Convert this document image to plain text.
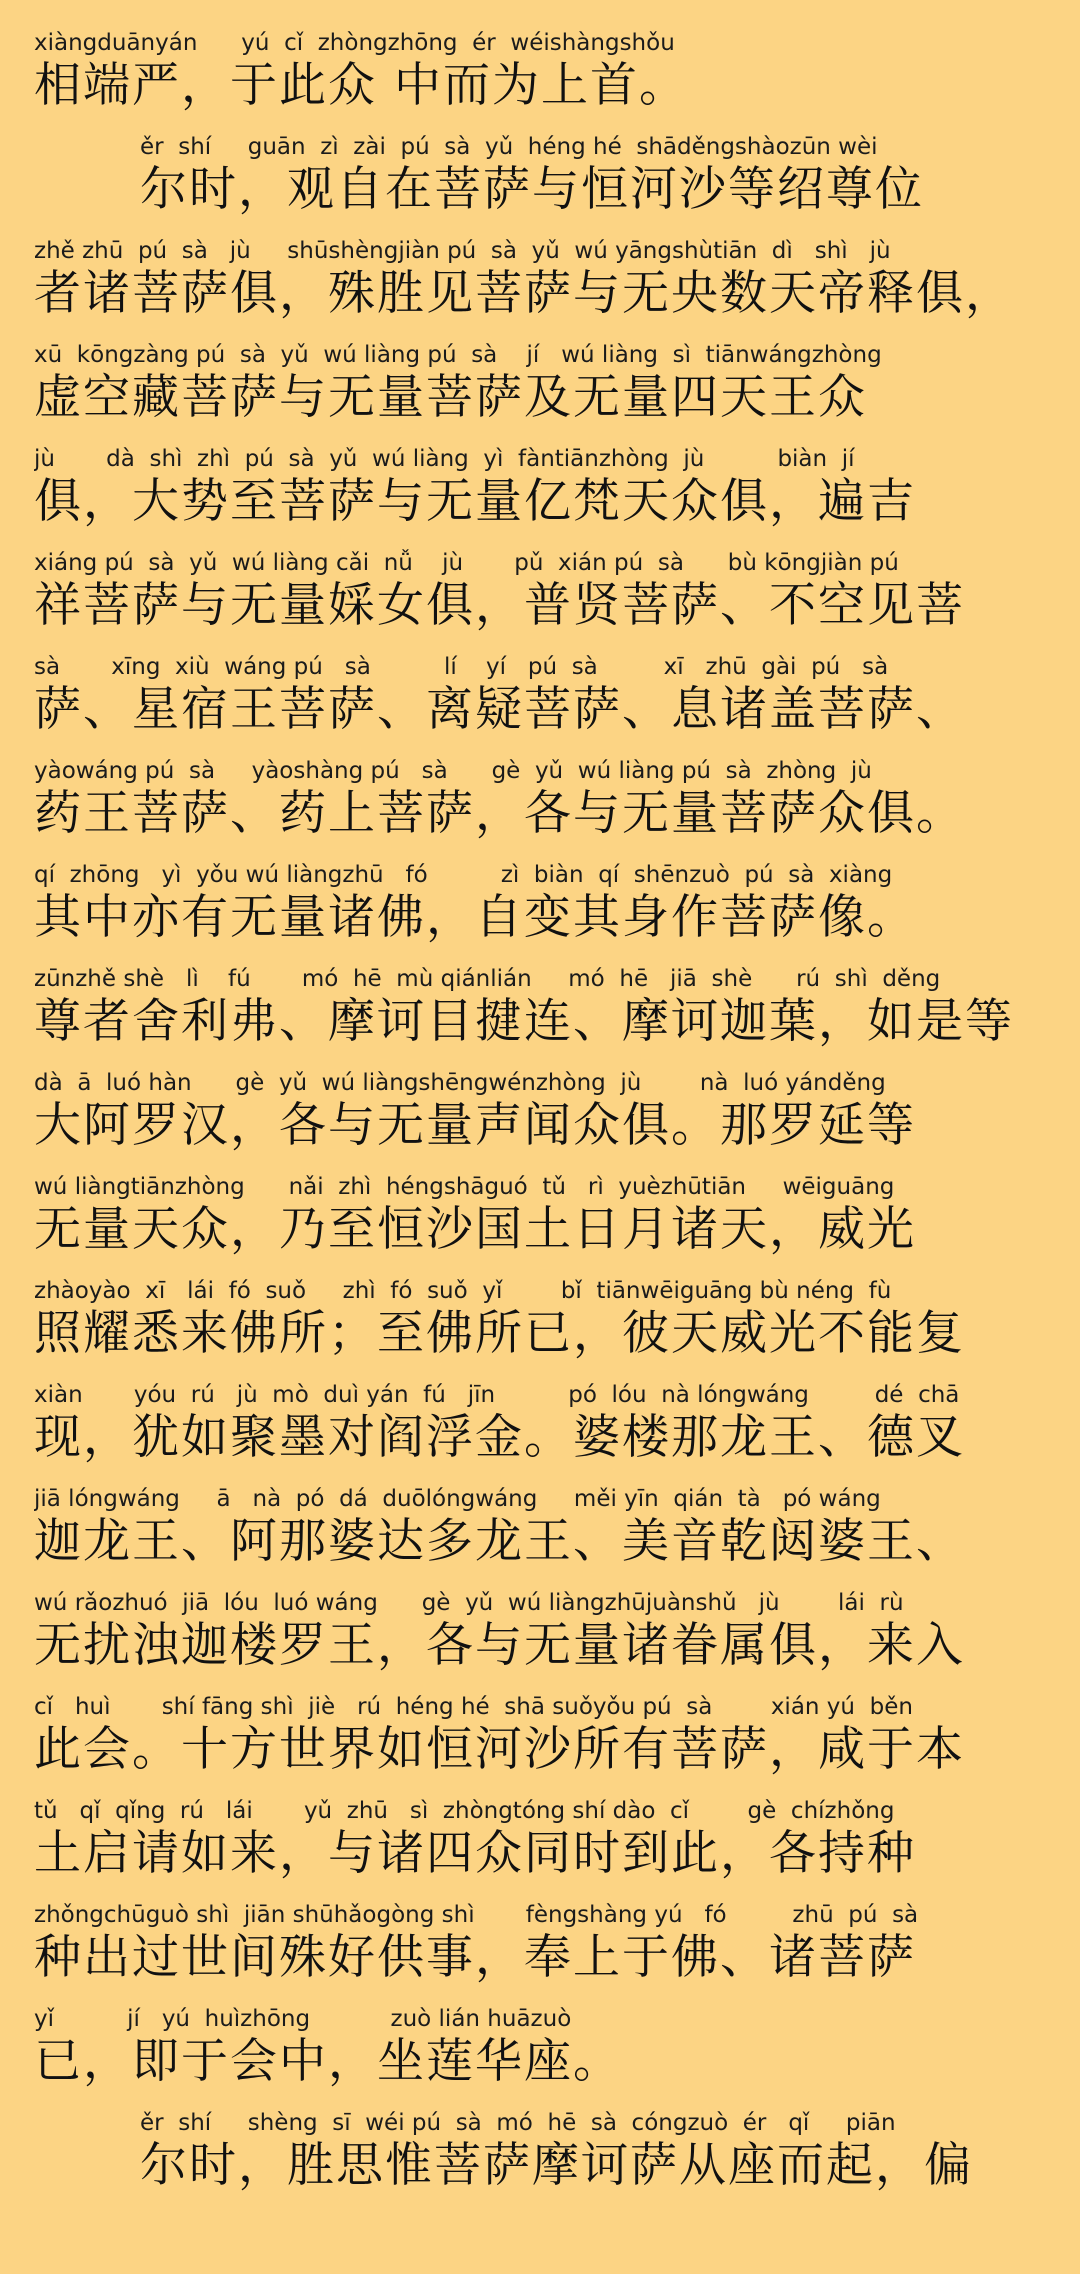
xiàngduānyán      yú  cǐ  zhòngzhōng  ér  wéishàngshǒu

相端严，于此众 中而为上首。

ěr  shí     guān  zì  zài  pú  sà  yǔ  héng hé  shāděngshàozūn wèi

尔时，观自在菩萨与恒河沙等绍尊位

zhě zhū  pú  sà   jù     shūshèngjiàn pú  sà  yǔ  wú yāngshùtiān  dì   shì   jù

者诸菩萨俱，殊胜见菩萨与无央数天帝释俱，

xū  kōngzàng pú  sà  yǔ  wú liàng pú  sà    jí   wú liàng  sì  tiānwángzhòng

虚空藏菩萨与无量菩萨及无量四天王众

jù       dà  shì  zhì  pú  sà  yǔ  wú liàng  yì  fàntiānzhòng  jù          biàn  jí

俱，大势至菩萨与无量亿梵天众俱，遍吉

xiáng pú  sà  yǔ  wú liàng cǎi  nǚ    jù       pǔ  xián pú  sà      bù kōngjiàn pú

祥菩萨与无量婇女俱，普贤菩萨、不空见菩

sà       xīng  xiù  wáng pú   sà          lí    yí   pú  sà         xī   zhū  gài  pú   sà

萨、星宿王菩萨、离疑菩萨、息诸盖菩萨、

yàowáng pú  sà     yàoshàng pú   sà      gè  yǔ  wú liàng pú  sà  zhòng  jù

药王菩萨、药上菩萨，各与无量菩萨众俱。

qí  zhōng   yì  yǒu wú liàngzhū   fó          zì  biàn  qí  shēnzuò  pú  sà  xiàng

其中亦有无量诸佛，自变其身作菩萨像。

zūnzhě shè   lì    fú       mó  hē  mù qiánlián     mó  hē   jiā  shè      rú  shì  děng

尊者舍利弗、摩诃目揵连、摩诃迦葉，如是等

dà  ā  luó hàn      gè  yǔ  wú liàngshēngwénzhòng  jù        nà  luó yánděng

大阿罗汉，各与无量声闻众俱。那罗延等

wú liàngtiānzhòng      nǎi  zhì  héngshāguó  tǔ   rì  yuèzhūtiān     wēiguāng

无量天众，乃至恒沙国土日月诸天，威光

zhàoyào  xī   lái  fó  suǒ     zhì  fó  suǒ  yǐ        bǐ  tiānwēiguāng bù néng  fù

照耀悉来佛所；至佛所已，彼天威光不能复

xiàn       yóu  rú   jù  mò  duì yán  fú   jīn          pó  lóu  nà lóngwáng         dé  chā

现，犹如聚墨对阎浮金。婆楼那龙王、德叉

jiā lóngwáng     ā   nà  pó  dá  duōlóngwáng     měi yīn  qián  tà   pó wáng

迦龙王、阿那婆达多龙王、美音乾闼婆王、

wú rǎozhuó  jiā  lóu  luó wáng      gè  yǔ  wú liàngzhūjuànshǔ   jù        lái  rù

无扰浊迦楼罗王，各与无量诸眷属俱，来入

cǐ   huì       shí fāng shì  jiè   rú  héng hé  shā suǒyǒu pú  sà        xián yú  běn

此会。十方世界如恒河沙所有菩萨，咸于本

tǔ   qǐ  qǐng  rú   lái       yǔ  zhū   sì  zhòngtóng shí dào  cǐ        gè  chízhǒng

土启请如来，与诸四众同时到此，各持种

zhǒngchūguò shì  jiān shūhǎogòng shì       fèngshàng yú   fó         zhū  pú  sà

种出过世间殊好供事，奉上于佛、诸菩萨

yǐ          jí   yú  huìzhōng           zuò lián huāzuò

已，即于会中，坐莲华座。

ěr  shí     shèng  sī  wéi pú  sà  mó  hē  sà  cóngzuò  ér   qǐ     piān

尔时，胜思惟菩萨摩诃萨从座而起，偏
